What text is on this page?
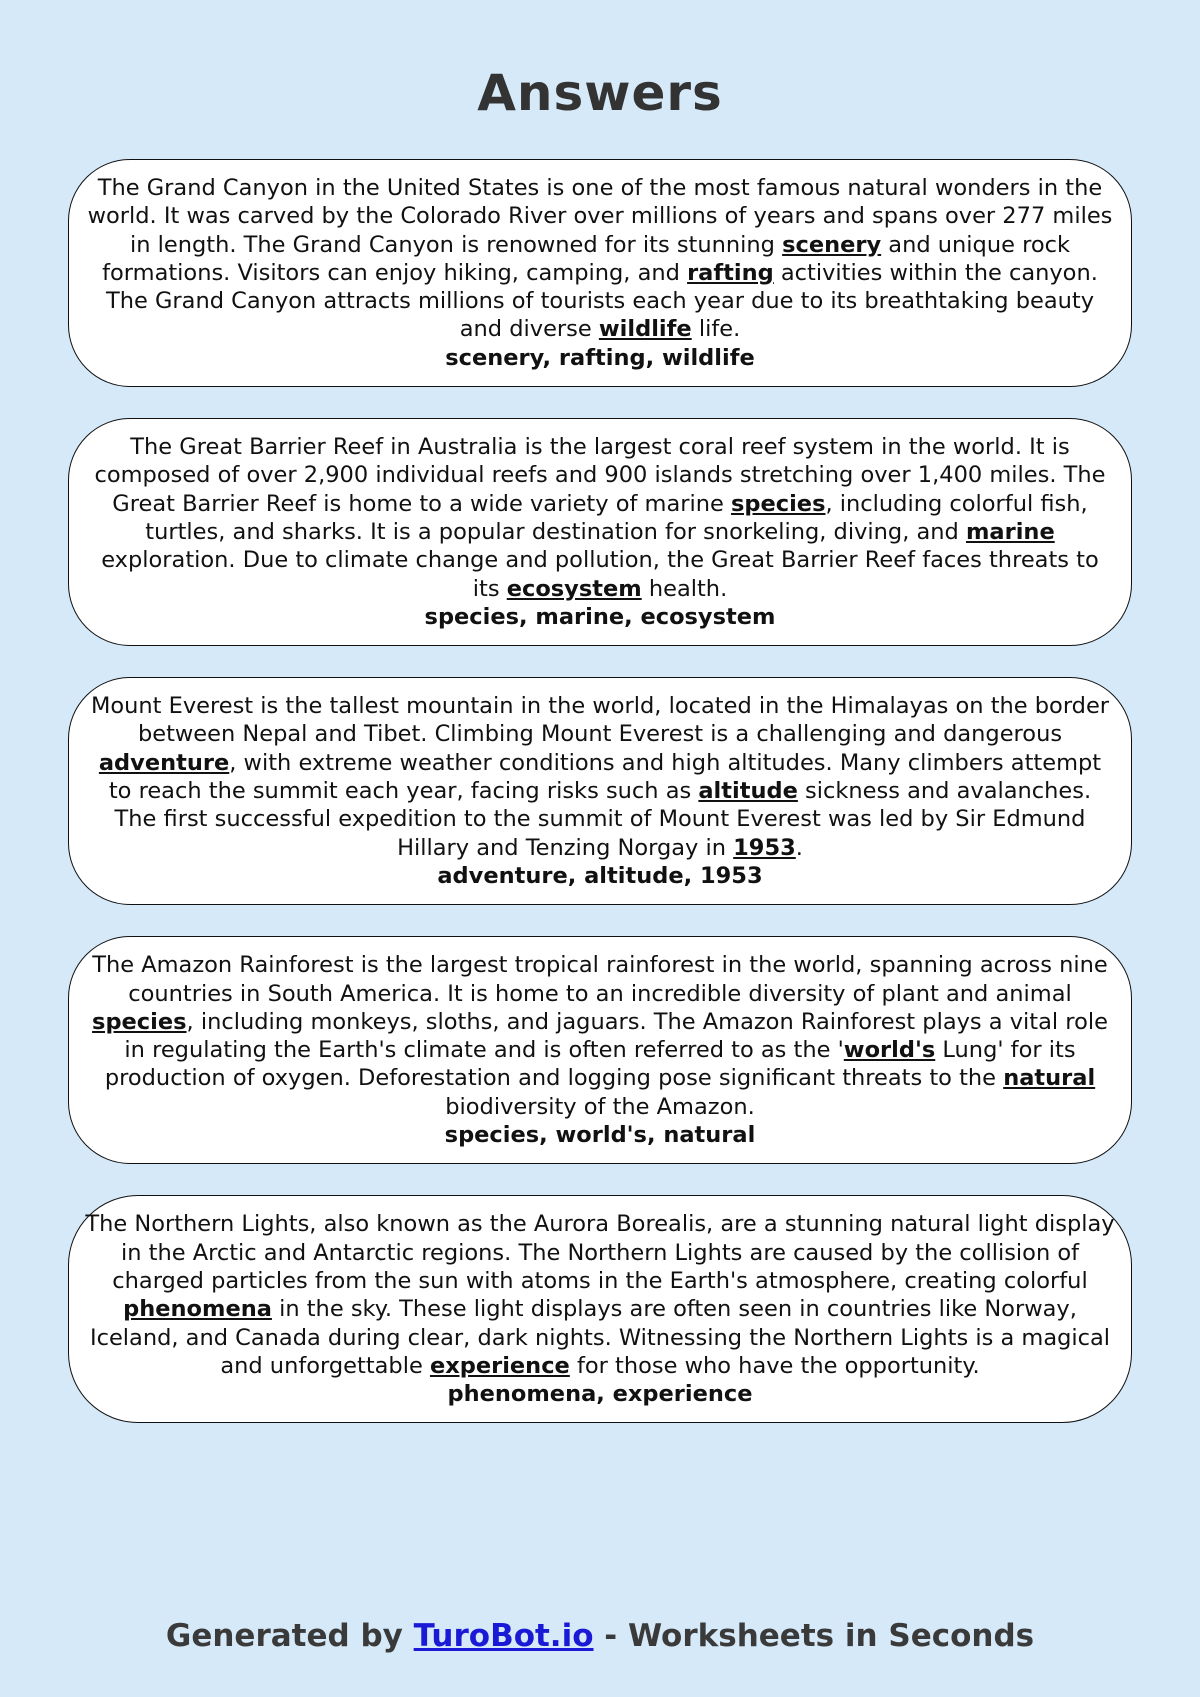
Answers
The Grand Canyon in the United States is one of the most famous natural wonders in the world. It was carved by the Colorado River over millions of years and spans over 277 miles in length. The Grand Canyon is renowned for its stunning scenery and unique rock formations. Visitors can enjoy hiking, camping, and rafting activities within the canyon. The Grand Canyon attracts millions of tourists each year due to its breathtaking beauty and diverse wildlife life.
scenery, rafting, wildlife
The Great Barrier Reef in Australia is the largest coral reef system in the world. It is composed of over 2,900 individual reefs and 900 islands stretching over 1,400 miles. The Great Barrier Reef is home to a wide variety of marine species, including colorful fish, turtles, and sharks. It is a popular destination for snorkeling, diving, and marine exploration. Due to climate change and pollution, the Great Barrier Reef faces threats to its ecosystem health.
species, marine, ecosystem
Mount Everest is the tallest mountain in the world, located in the Himalayas on the border between Nepal and Tibet. Climbing Mount Everest is a challenging and dangerous adventure, with extreme weather conditions and high altitudes. Many climbers attempt to reach the summit each year, facing risks such as altitude sickness and avalanches. The first successful expedition to the summit of Mount Everest was led by Sir Edmund Hillary and Tenzing Norgay in 1953.
adventure, altitude, 1953
The Amazon Rainforest is the largest tropical rainforest in the world, spanning across nine countries in South America. It is home to an incredible diversity of plant and animal species, including monkeys, sloths, and jaguars. The Amazon Rainforest plays a vital role in regulating the Earth's climate and is often referred to as the 'world's Lung' for its production of oxygen. Deforestation and logging pose significant threats to the natural biodiversity of the Amazon.
species, world's, natural
The Northern Lights, also known as the Aurora Borealis, are a stunning natural light display in the Arctic and Antarctic regions. The Northern Lights are caused by the collision of charged particles from the sun with atoms in the Earth's atmosphere, creating colorful phenomena in the sky. These light displays are often seen in countries like Norway, Iceland, and Canada during clear, dark nights. Witnessing the Northern Lights is a magical and unforgettable experience for those who have the opportunity.
phenomena, experience
Generated by TuroBot.io - Worksheets in Seconds
